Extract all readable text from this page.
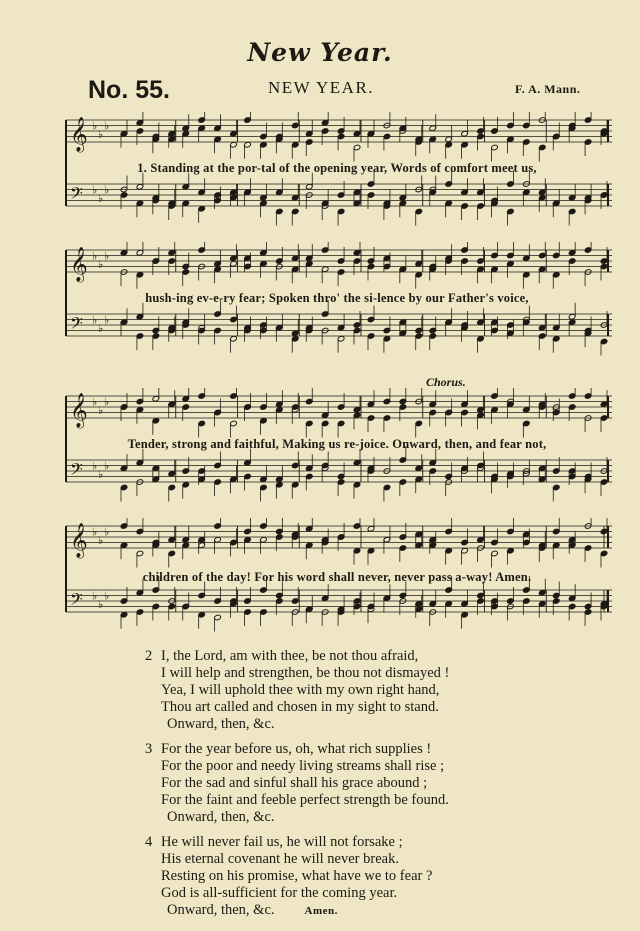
New Year.
No. 55.	NEW YEAR.	F. A. Mann.
𝄞 ♭
♭
♭
𝄢 ♭
♭
♭
1. Standing at the por-tal of the opening year, Words of comfort meet us,
𝄞 ♭
♭
♭
𝄢 ♭
♭
♭
hush-ing ev-e-ry fear; Spoken thro' the si-lence by our Father's voice,
Chorus.
𝄞 ♭
♭
♭
𝄢 ♭
♭
♭
Tender, strong and faithful, Making us re-joice. Onward, then, and fear not,
𝄞 ♭
♭
♭
𝄢 ♭
♭
♭
children of the day! For his word shall never, never pass a-way! Amen.
2 I, the Lord, am with thee, be not thou afraid,
I will help and strengthen, be thou not dismayed !
Yea, I will uphold thee with my own right hand,
Thou art called and chosen in my sight to stand.
Onward, then, &c.
3 For the year before us, oh, what rich supplies !
For the poor and needy living streams shall rise ;
For the sad and sinful shall his grace abound ;
For the faint and feeble perfect strength be found.
Onward, then, &c.
4 He will never fail us, he will not forsake ;
His eternal covenant he will never break.
Resting on his promise, what have we to fear ?
God is all-sufficient for the coming year.
Onward, then, &c.	Amen.
